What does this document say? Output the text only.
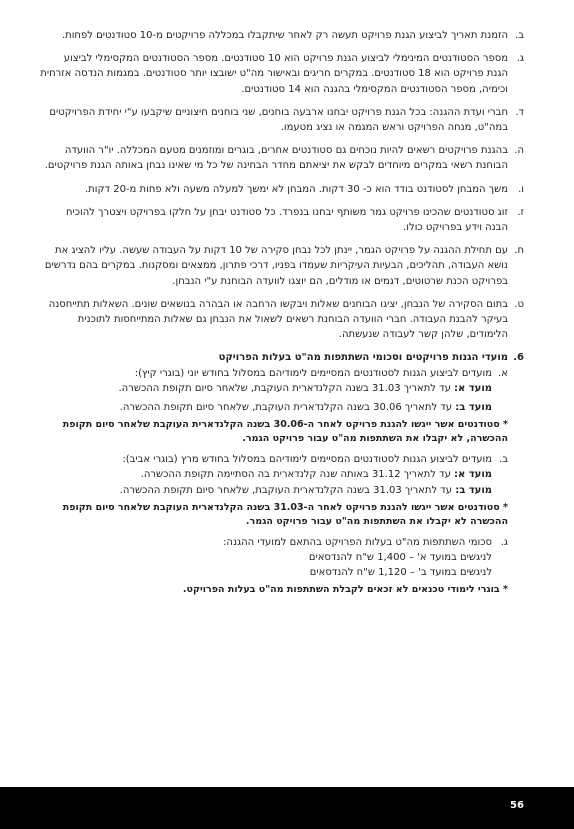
ב.
הזמנת תאריך לביצוע הגנת פרויקט תעשה רק לאחר שיתקבלו במכללה פרויקטים מ-10 סטודנטים לפחות.
ג.
מספר הסטודנטים המינימלי לביצוע הגנת פרויקט הוא 10 סטודנטים. מספר הסטודנטים המקסימלי לביצוע הגנת פרויקט הוא 18 סטודנטים. במקרים חריגים ובאישור מה"ט ישובצו יותר סטודנטים. במגמות הנדסה אזרחית וכימיה, מספר הסטודנטים המקסימלי בהגנה הוא 14 סטודנטים.
ד.
חברי ועדת ההגנה: בכל הגנת פרויקט יבחנו ארבעה בוחנים, שני בוחנים חיצוניים שיקבעו ע"י יחידת הפרויקטים במה"ט, מנחה הפרויקט וראש המגמה או נציג מטעמו.
ה.
בהגנת פרויקטים רשאים להיות נוכחים גם סטודנטים אחרים, בוגרים ומוזמנים מטעם המכללה. יו"ר הוועדה הבוחנת רשאי במקרים מיוחדים לבקש את יציאתם מחדר הבחינה של כל מי שאינו נבחן באותה הגנת פרויקטים.
ו.
משך המבחן לסטודנט בודד הוא כ- 30 דקות. המבחן לא ימשך למעלה משעה ולא פחות מ-20 דקות.
ז.
זוג סטודנטים שהכינו פרויקט גמר משותף יבחנו בנפרד. כל סטודנט יבחן על חלקו בפרויקט ויצטרך להוכיח הבנה וידע בפרויקט כולו.
ח.
עם תחילת ההגנה על פרויקט הגמר, יינתן לכל נבחן סקירה של 10 דקות על העבודה שעשה. עליו להציג את נושא העבודה, תהליכים, הבעיות העיקריות שעמדו בפניו, דרכי פתרון, ממצאים ומסקנות. במקרים בהם נדרשים בפרויקט הכנת שרטוטים, דגמים או מודלים, הם יוצגו לוועדה הבוחנת ע"י הנבחן.
ט.
בתום הסקירה של הנבחן, יציגו הבוחנים שאלות ויבקשו הרחבה או הבהרה בנושאים שונים. השאלות תתייחסנה בעיקר להבנת העבודה. חברי הוועדה הבוחנת רשאים לשאול את הנבחן גם שאלות המתייחסות לתוכנית הלימודים, שלהן קשר לעבודה שנעשתה.
6.
מועדי הגנות פרויקטים וסכומי השתתפות מה"ט בעלות הפרויקט
א.
מועדים לביצוע הגנות לסטודנטים המסיימים לימודיהם במסלול בחודש יוני (בוגרי קיץ):
מועד א: עד לתאריך 31.03 בשנה הקלנדארית העוקבת, שלאחר סיום תקופת ההכשרה.
מועד ב: עד לתאריך 30.06 בשנה הקלנדארית העוקבת, שלאחר סיום תקופת ההכשרה.
* סטודנטים אשר ייגשו להגנת פרויקט לאחר ה-30.06 בשנה הקלנדארית העוקבת שלאחר סיום תקופת ההכשרה, לא יקבלו את השתתפות מה"ט עבור פרויקט הגמר.
ב.
מועדים לביצוע הגנות לסטודנטים המסיימים לימודיהם במסלול בחודש מרץ (בוגרי אביב):
מועד א: עד לתאריך 31.12 באותה שנה קלנדארית בה הסתיימה תקופת ההכשרה.
מועד ב: עד לתאריך 31.03 בשנה הקלנדארית העוקבת, שלאחר סיום תקופת ההכשרה.
* סטודנטים אשר ייגשו להגנת פרויקט לאחר ה-31.03 בשנה הקלנדארית העוקבת שלאחר סיום תקופת ההכשרה לא יקבלו את השתתפות מה"ט עבור פרויקט הגמר.
ג.
סכומי השתתפות מה"ט בעלות הפרויקט בהתאם למועדי ההגנה:
לניגשים במועד א' – 1,400 ש"ח להנדסאים
לניגשים במועד ב' – 1,120 ש"ח להנדסאים
* בוגרי לימודי טכנאים לא זכאים לקבלת השתתפות מה"ט בעלות הפרויקט.
56
